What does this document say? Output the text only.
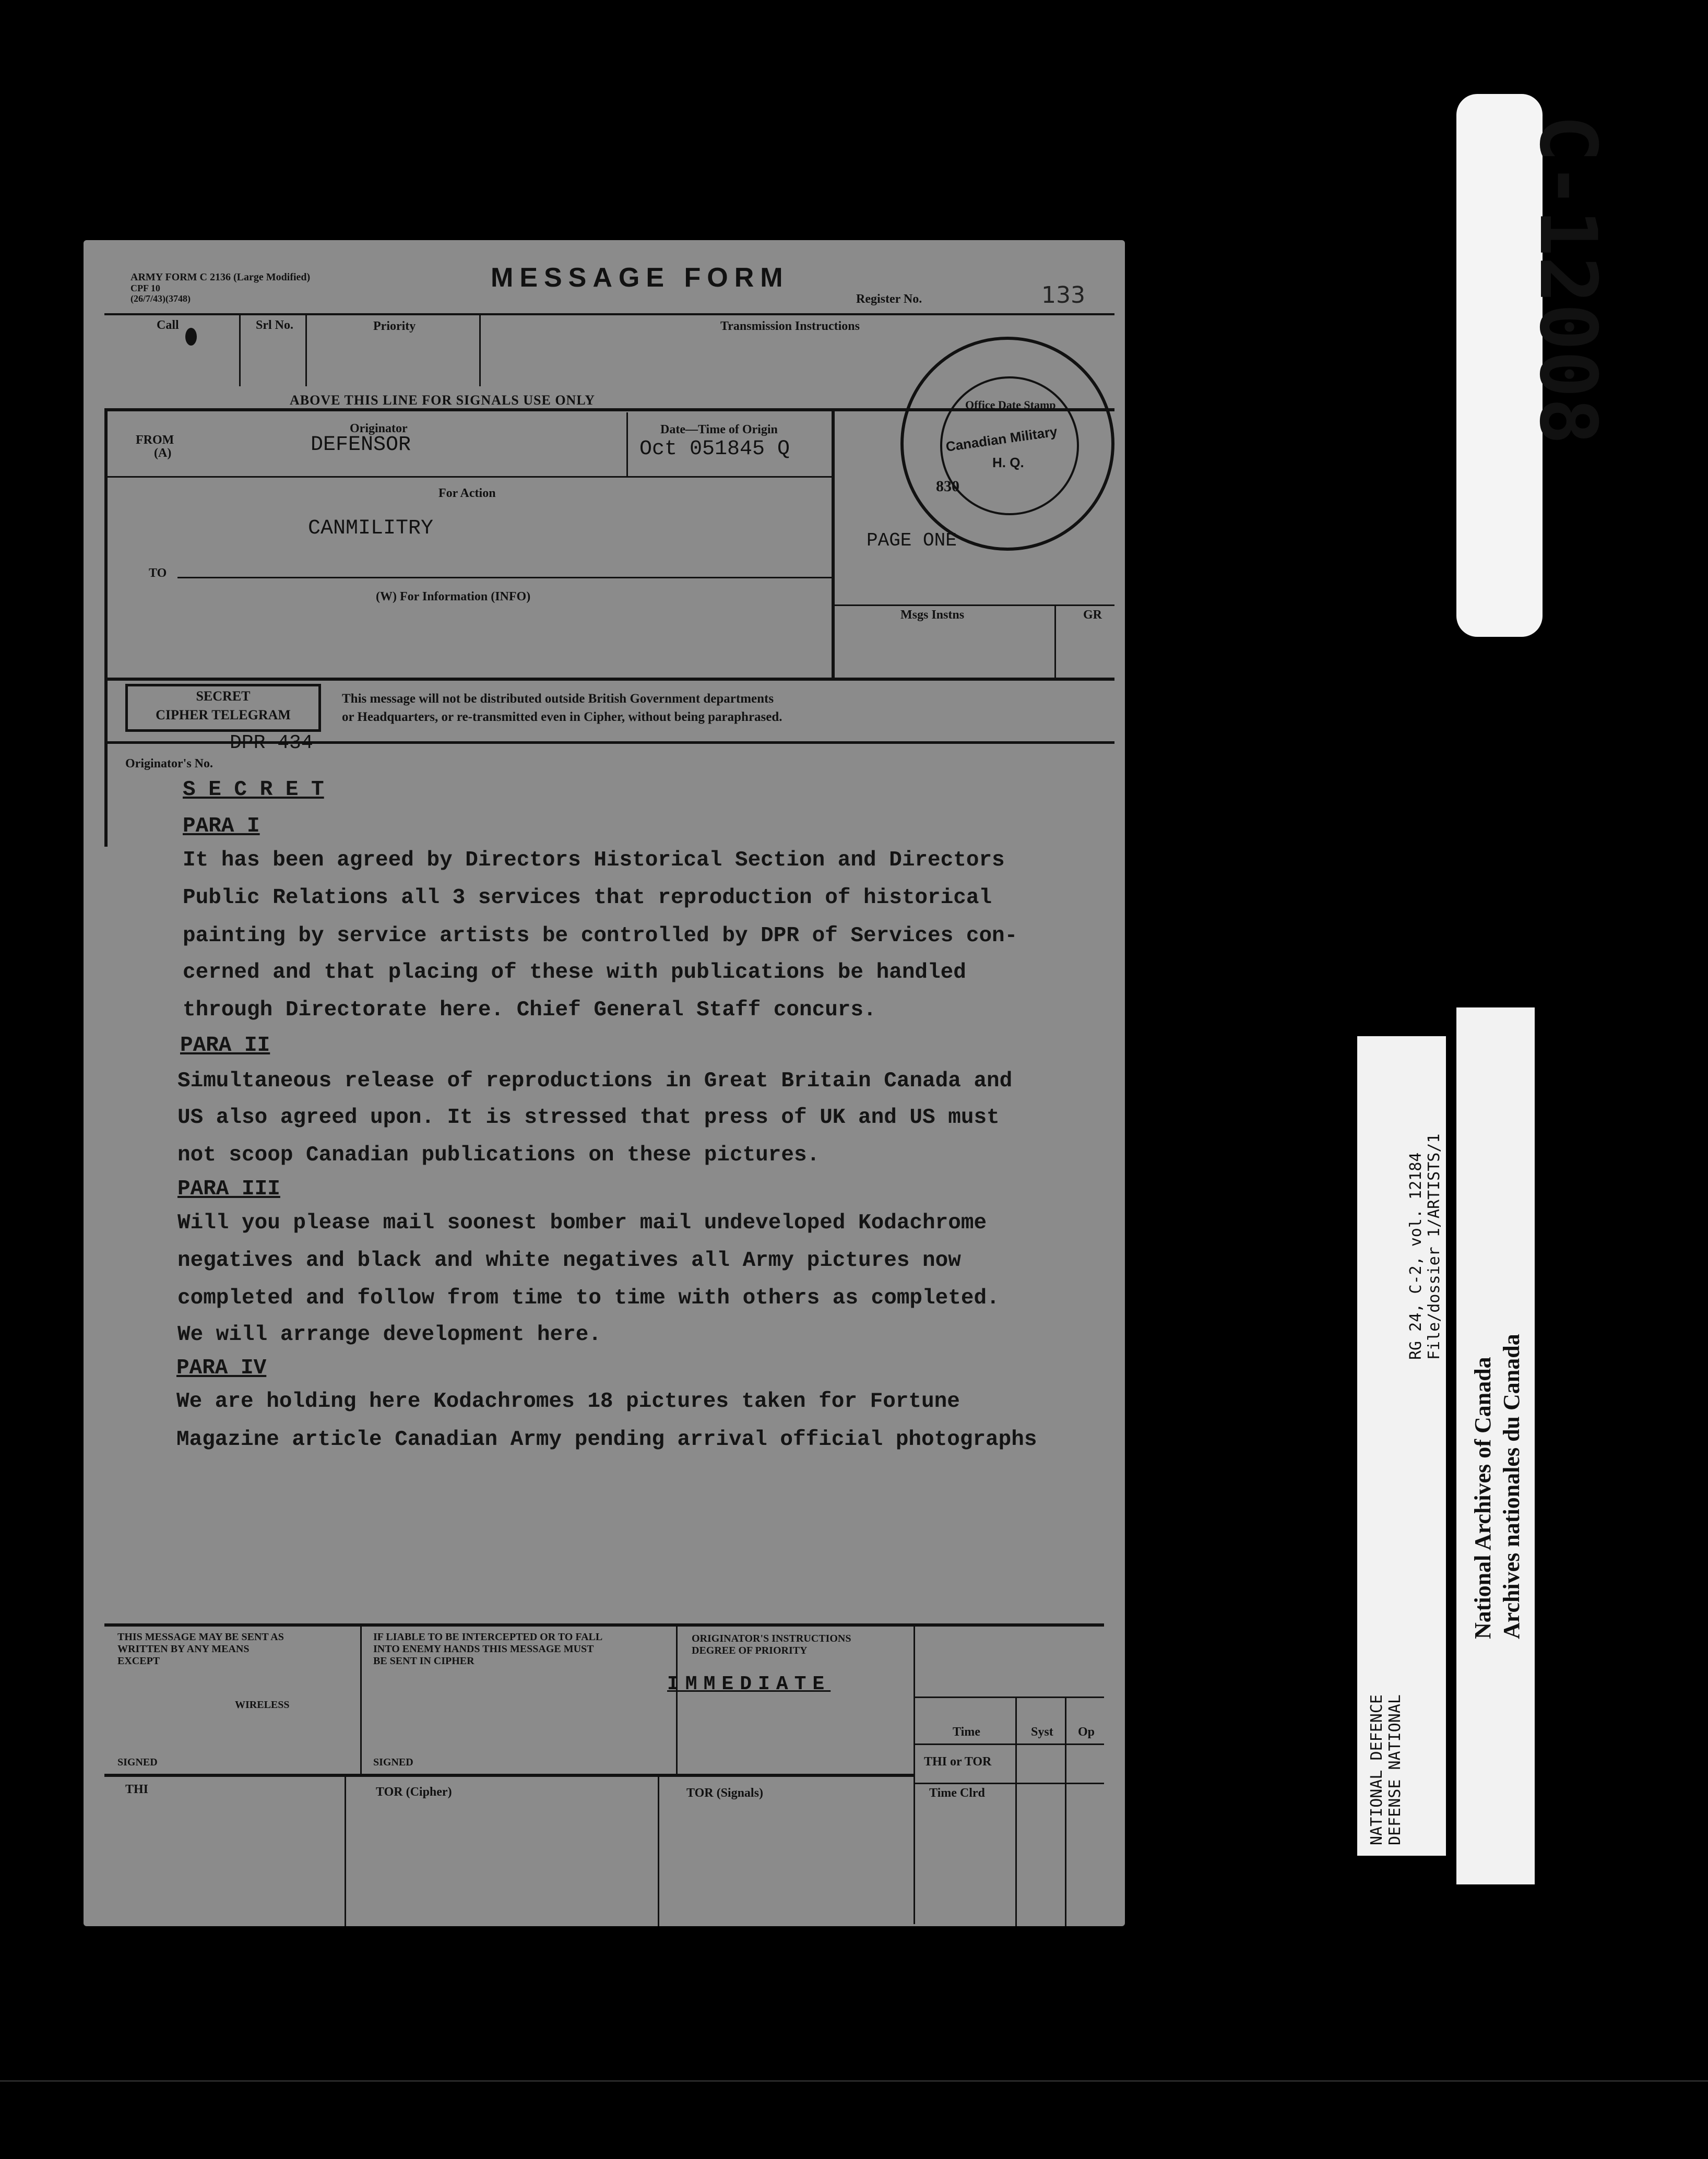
ARMY FORM C 2136 (Large Modified)
CPF 10
(26/7/43)(3748)
MESSAGE FORM
Register No.	133
Call	Srl No.	Priority	Transmission Instructions
ABOVE THIS LINE FOR SIGNALS USE ONLY
FROM
(A)
Originator
DEFENSOR
Date—Time of Origin
Oct 051845 Q
For Action
CANMILITRY
TO
(W) For Information (INFO)
Msgs Instns	GR
830
PAGE ONE
SECRET
CIPHER TELEGRAM
This message will not be distributed outside British Government departments
or Headquarters, or re-transmitted even in Cipher, without being paraphrased.
DPR 434
Originator's No.
S E C R E T
PARA I
It has been agreed by Directors Historical Section and Directors
Public Relations all 3 services that reproduction of historical
painting by service artists be controlled by DPR of Services con-
cerned and that placing of these with publications be handled
through Directorate here. Chief General Staff concurs.
PARA II
Simultaneous release of reproductions in Great Britain Canada and
US also agreed upon. It is stressed that press of UK and US must
not scoop Canadian publications on these pictures.
PARA III
Will you please mail soonest bomber mail undeveloped Kodachrome
negatives and black and white negatives all Army pictures now
completed and follow from time to time with others as completed.
We will arrange development here.
PARA IV
We are holding here Kodachromes 18 pictures taken for Fortune
Magazine article Canadian Army pending arrival official photographs
THIS MESSAGE MAY BE SENT AS
WRITTEN BY ANY MEANS
EXCEPT
WIRELESS
SIGNED
IF LIABLE TO BE INTERCEPTED OR TO FALL
INTO ENEMY HANDS THIS MESSAGE MUST
BE SENT IN CIPHER
SIGNED
ORIGINATOR'S INSTRUCTIONS
DEGREE OF PRIORITY
IMMEDIATE
Time	Syst Op
THI or TOR
Time Clrd
THI	TOR (Cipher)	TOR (Signals)
Office Date Stamp
Canadian Military
H. Q.
C-12008
NATIONAL DEFENCE DEFENSE NATIONAL
RG 24, C-2, vol. 12184 File/dossier 1/ARTISTS/1
National Archives of Canada Archives nationales du Canada
